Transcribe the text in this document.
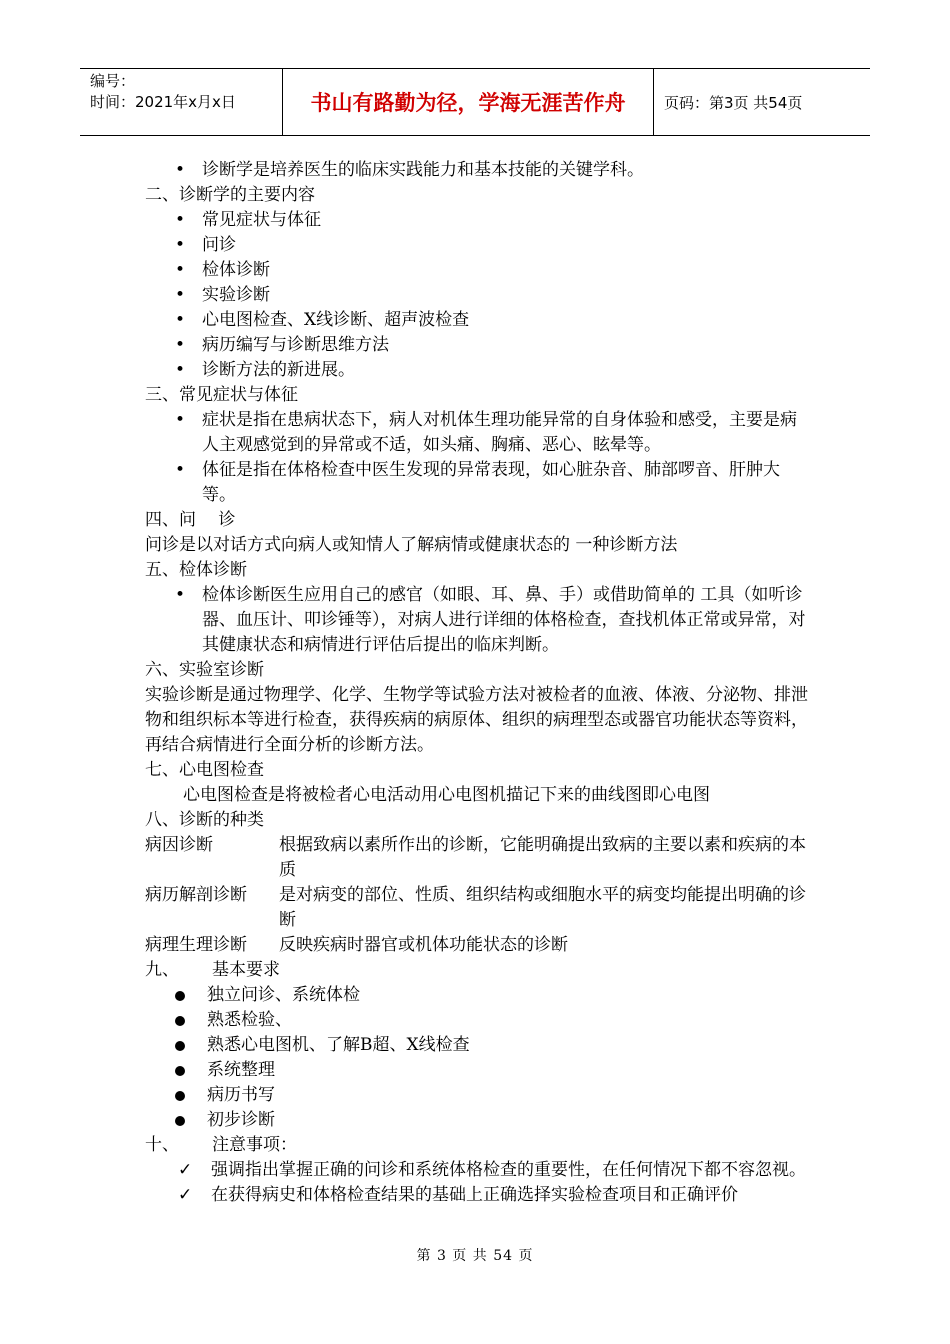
编号：
时间：2021年x月x日	书山有路勤为径，学海无涯苦作舟	页码：第3页 共54页
• 诊断学是培养医生的临床实践能力和基本技能的关键学科。
二、诊断学的主要内容
• 常见症状与体征
• 问诊
• 检体诊断
• 实验诊断
• 心电图检查、X线诊断、超声波检查
• 病历编写与诊断思维方法
• 诊断方法的新进展。
三、常见症状与体征
• 症状是指在患病状态下，病人对机体生理功能异常的自身体验和感受，主要是病人主观感觉到的异常或不适，如头痛、胸痛、恶心、眩晕等。
• 体征是指在体格检查中医生发现的异常表现，如心脏杂音、肺部啰音、肝肿大等。
四、问　 诊
问诊是以对话方式向病人或知情人了解病情或健康状态的 一种诊断方法
五、检体诊断
• 检体诊断医生应用自己的感官（如眼、耳、鼻、手）或借助简单的 工具（如听诊器、血压计、叩诊锤等），对病人进行详细的体格检查，查找机体正常或异常，对其健康状态和病情进行评估后提出的临床判断。
六、实验室诊断
实验诊断是通过物理学、化学、生物学等试验方法对被检者的血液、体液、分泌物、排泄物和组织标本等进行检查，获得疾病的病原体、组织的病理型态或器官功能状态等资料，再结合病情进行全面分析的诊断方法。
七、心电图检查
心电图检查是将被检者心电活动用心电图机描记下来的曲线图即心电图
八、诊断的种类
病因诊断	根据致病以素所作出的诊断，它能明确提出致病的主要以素和疾病的本质
病历解剖诊断	是对病变的部位、性质、组织结构或细胞水平的病变均能提出明确的诊断
病理生理诊断	反映疾病时器官或机体功能状态的诊断
九、 基本要求
独立问诊、系统体检
熟悉检验、
熟悉心电图机、了解B超、X线检查
系统整理
病历书写
初步诊断
十、 注意事项：
✓ 强调指出掌握正确的问诊和系统体格检查的重要性，在任何情况下都不容忽视。
✓ 在获得病史和体格检查结果的基础上正确选择实验检查项目和正确评价
第 3 页 共 54 页
